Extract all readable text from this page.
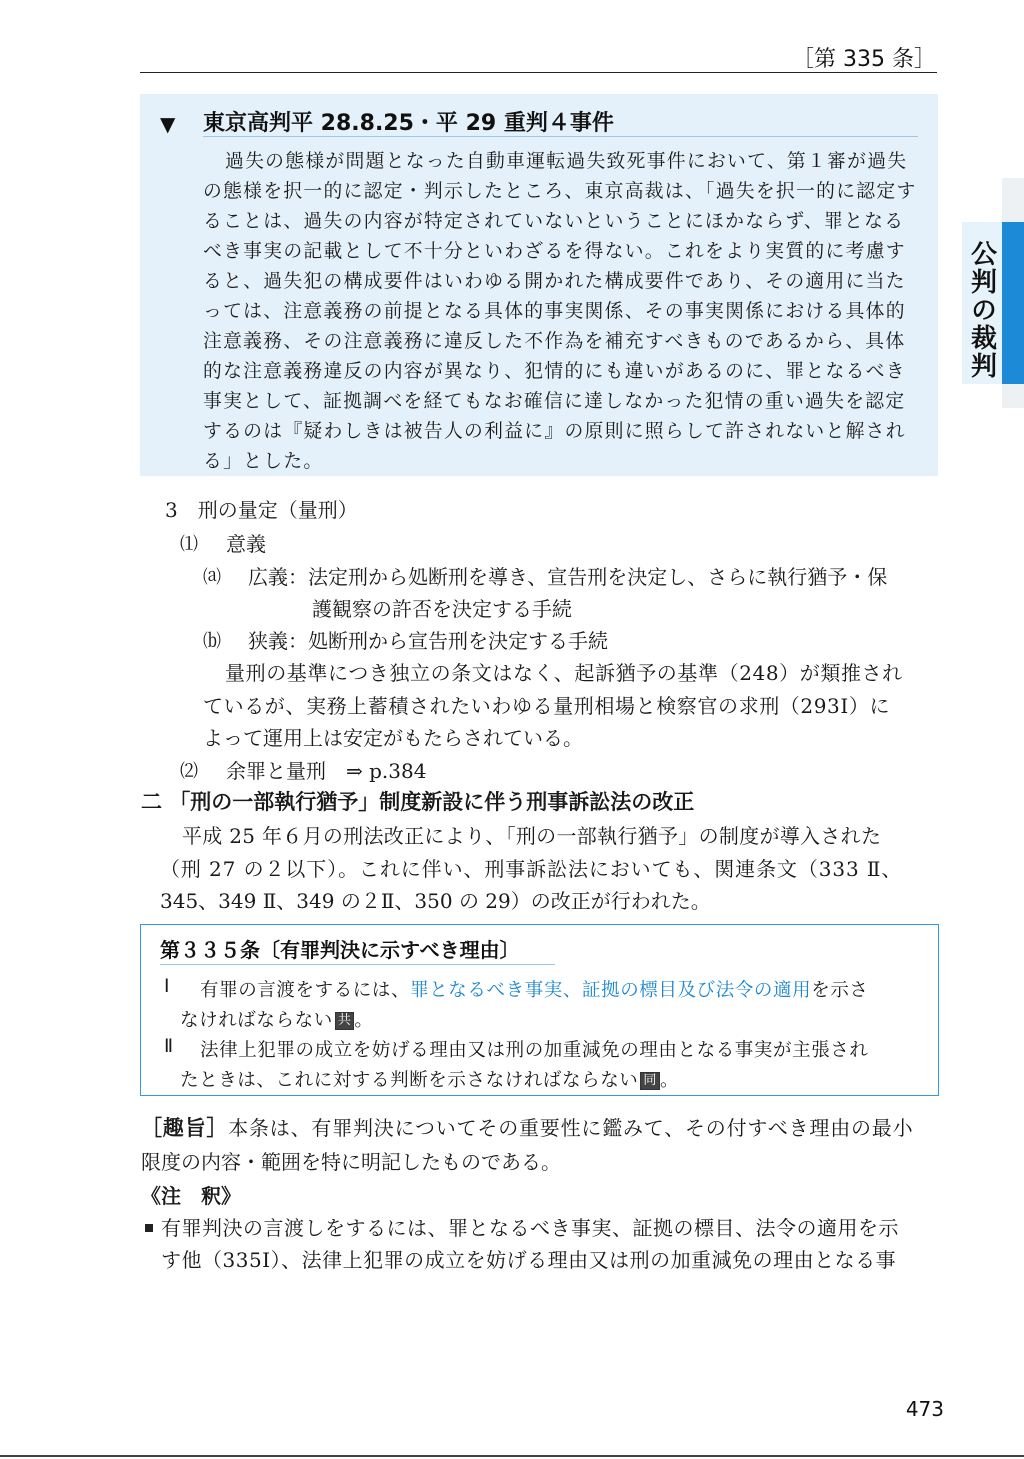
［第 335 条］
公判の裁判
▼ 東京高判平 28.8.25・平 29 重判４事件
過失の態様が問題となった自動車運転過失致死事件において、第１審が過失
の態様を択一的に認定・判示したところ、東京高裁は、「過失を択一的に認定す
ることは、過失の内容が特定されていないということにほかならず、罪となる
べき事実の記載として不十分といわざるを得ない。これをより実質的に考慮す
ると、過失犯の構成要件はいわゆる開かれた構成要件であり、その適用に当た
っては、注意義務の前提となる具体的事実関係、その事実関係における具体的
注意義務、その注意義務に違反した不作為を補充すべきものであるから、具体
的な注意義務違反の内容が異なり、犯情的にも違いがあるのに、罪となるべき
事実として、証拠調べを経てもなお確信に達しなかった犯情の重い過失を認定
するのは『疑わしきは被告人の利益に』の原則に照らして許されないと解され
る」とした。
3　刑の量定（量刑）
⑴ 意義
⒜ 広義：法定刑から処断刑を導き、宣告刑を決定し、さらに執行猶予・保
護観察の許否を決定する手続
⒝ 狭義：処断刑から宣告刑を決定する手続
量刑の基準につき独立の条文はなく、起訴猶予の基準（248）が類推され
ているが、実務上蓄積されたいわゆる量刑相場と検察官の求刑（293Ⅰ）に
よって運用上は安定がもたらされている。
⑵ 余罪と量刑　⇒ p.384
二 「刑の一部執行猶予」制度新設に伴う刑事訴訟法の改正
平成 25 年６月の刑法改正により、「刑の一部執行猶予」の制度が導入された
（刑 27 の２以下）。これに伴い、刑事訴訟法においても、関連条文（333 Ⅱ、
345、349 Ⅱ、349 の２Ⅱ、350 の 29）の改正が行われた。
第３３５条〔有罪判決に示すべき理由〕
Ⅰ 有罪の言渡をするには、罪となるべき事実、証拠の標目及び法令の適用を示さ
なければならない 共 。
Ⅱ 法律上犯罪の成立を妨げる理由又は刑の加重減免の理由となる事実が主張され
たときは、これに対する判断を示さなければならない 同 。
［趣旨］本条は、有罪判決についてその重要性に鑑みて、その付すべき理由の最小
限度の内容・範囲を特に明記したものである。
《注　釈》
有罪判決の言渡しをするには、罪となるべき事実、証拠の標目、法令の適用を示
す他（335Ⅰ）、法律上犯罪の成立を妨げる理由又は刑の加重減免の理由となる事
473
